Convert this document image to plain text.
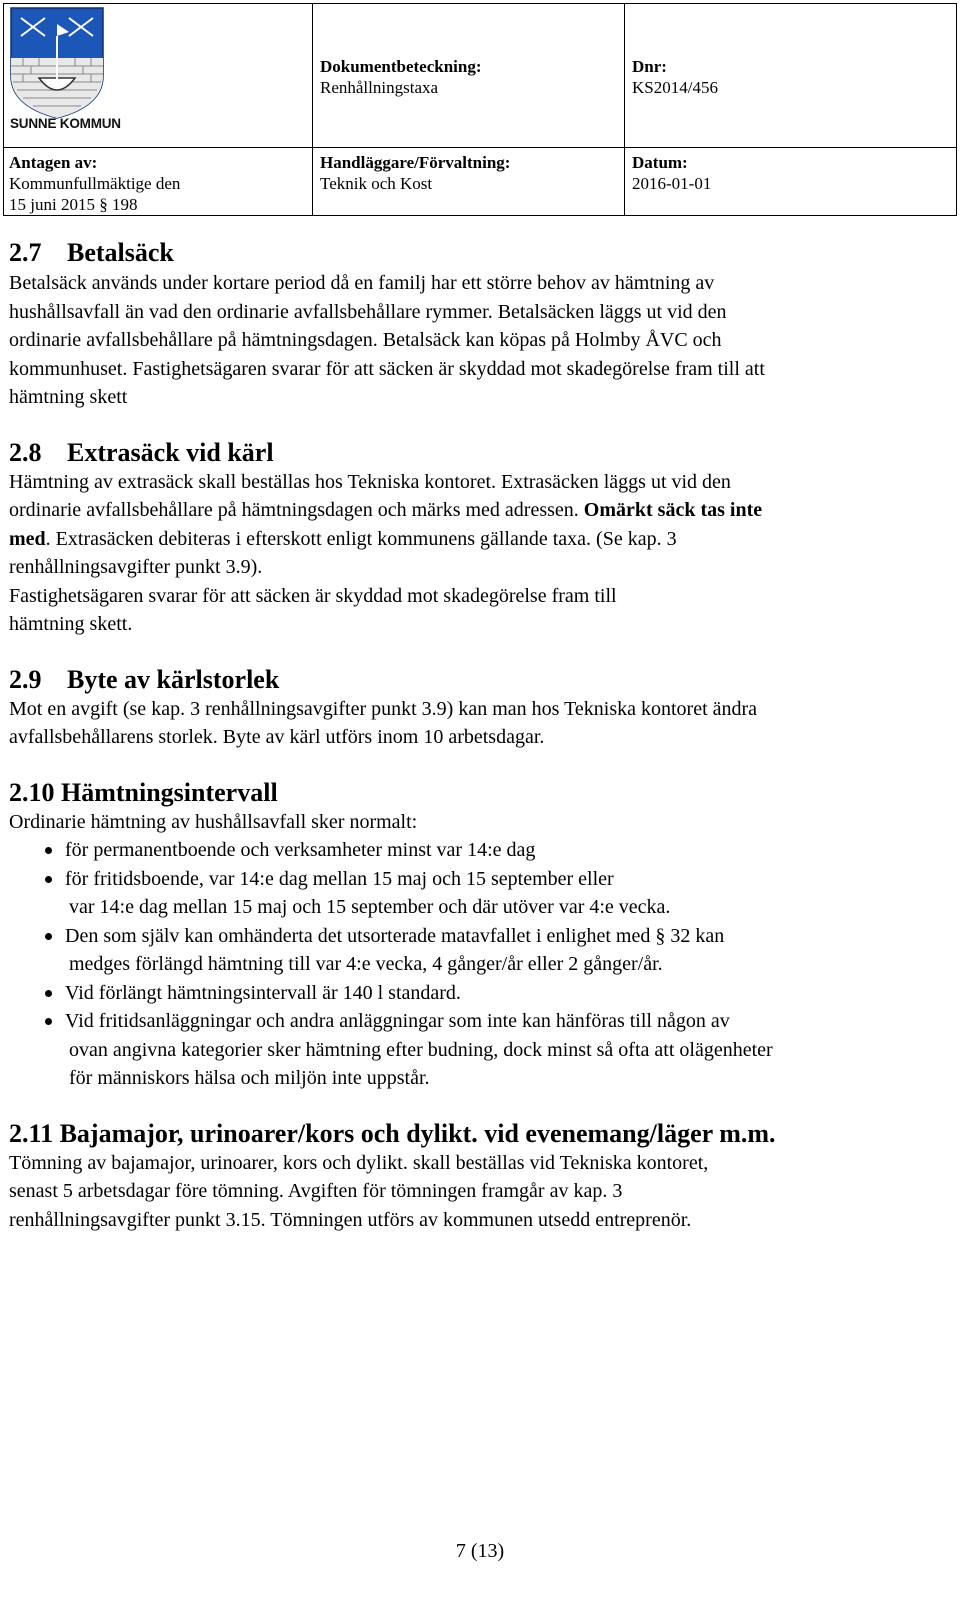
SUNNE KOMMUN
Dokumentbeteckning:
Renhållningstaxa
Dnr:
KS2014/456
Antagen av:
Kommunfullmäktige den
15 juni 2015 § 198
Handläggare/Förvaltning:
Teknik och Kost
Datum:
2016-01-01
2.7 Betalsäck

Betalsäck används under kortare period då en familj har ett större behov av hämtning av

hushållsavfall än vad den ordinarie avfallsbehållare rymmer. Betalsäcken läggs ut vid den

ordinarie avfallsbehållare på hämtningsdagen. Betalsäck kan köpas på Holmby ÅVC och

kommunhuset. Fastighetsägaren svarar för att säcken är skyddad mot skadegörelse fram till att

hämtning skett

2.8 Extrasäck vid kärl

Hämtning av extrasäck skall beställas hos Tekniska kontoret. Extrasäcken läggs ut vid den

ordinarie avfallsbehållare på hämtningsdagen och märks med adressen. Omärkt säck tas inte

med. Extrasäcken debiteras i efterskott enligt kommunens gällande taxa. (Se kap. 3

renhållningsavgifter punkt 3.9).

Fastighetsägaren svarar för att säcken är skyddad mot skadegörelse fram till

hämtning skett.

2.9 Byte av kärlstorlek

Mot en avgift (se kap. 3 renhållningsavgifter punkt 3.9) kan man hos Tekniska kontoret ändra

avfallsbehållarens storlek. Byte av kärl utförs inom 10 arbetsdagar.

2.10 Hämtningsintervall

Ordinarie hämtning av hushållsavfall sker normalt:

för permanentboende och verksamheter minst var 14:e dag
för fritidsboende, var 14:e dag mellan 15 maj och 15 september eller
var 14:e dag mellan 15 maj och 15 september och där utöver var 4:e vecka.
Den som själv kan omhänderta det utsorterade matavfallet i enlighet med § 32 kan
medges förlängd hämtning till var 4:e vecka, 4 gånger/år eller 2 gånger/år.
Vid förlängt hämtningsintervall är 140 l standard.
Vid fritidsanläggningar och andra anläggningar som inte kan hänföras till någon av
ovan angivna kategorier sker hämtning efter budning, dock minst så ofta att olägenheter
för människors hälsa och miljön inte uppstår.
2.11 Bajamajor, urinoarer/kors och dylikt. vid evenemang/läger m.m.

Tömning av bajamajor, urinoarer, kors och dylikt. skall beställas vid Tekniska kontoret,

senast 5 arbetsdagar före tömning. Avgiften för tömningen framgår av kap. 3

renhållningsavgifter punkt 3.15. Tömningen utförs av kommunen utsedd entreprenör.

7 (13)
